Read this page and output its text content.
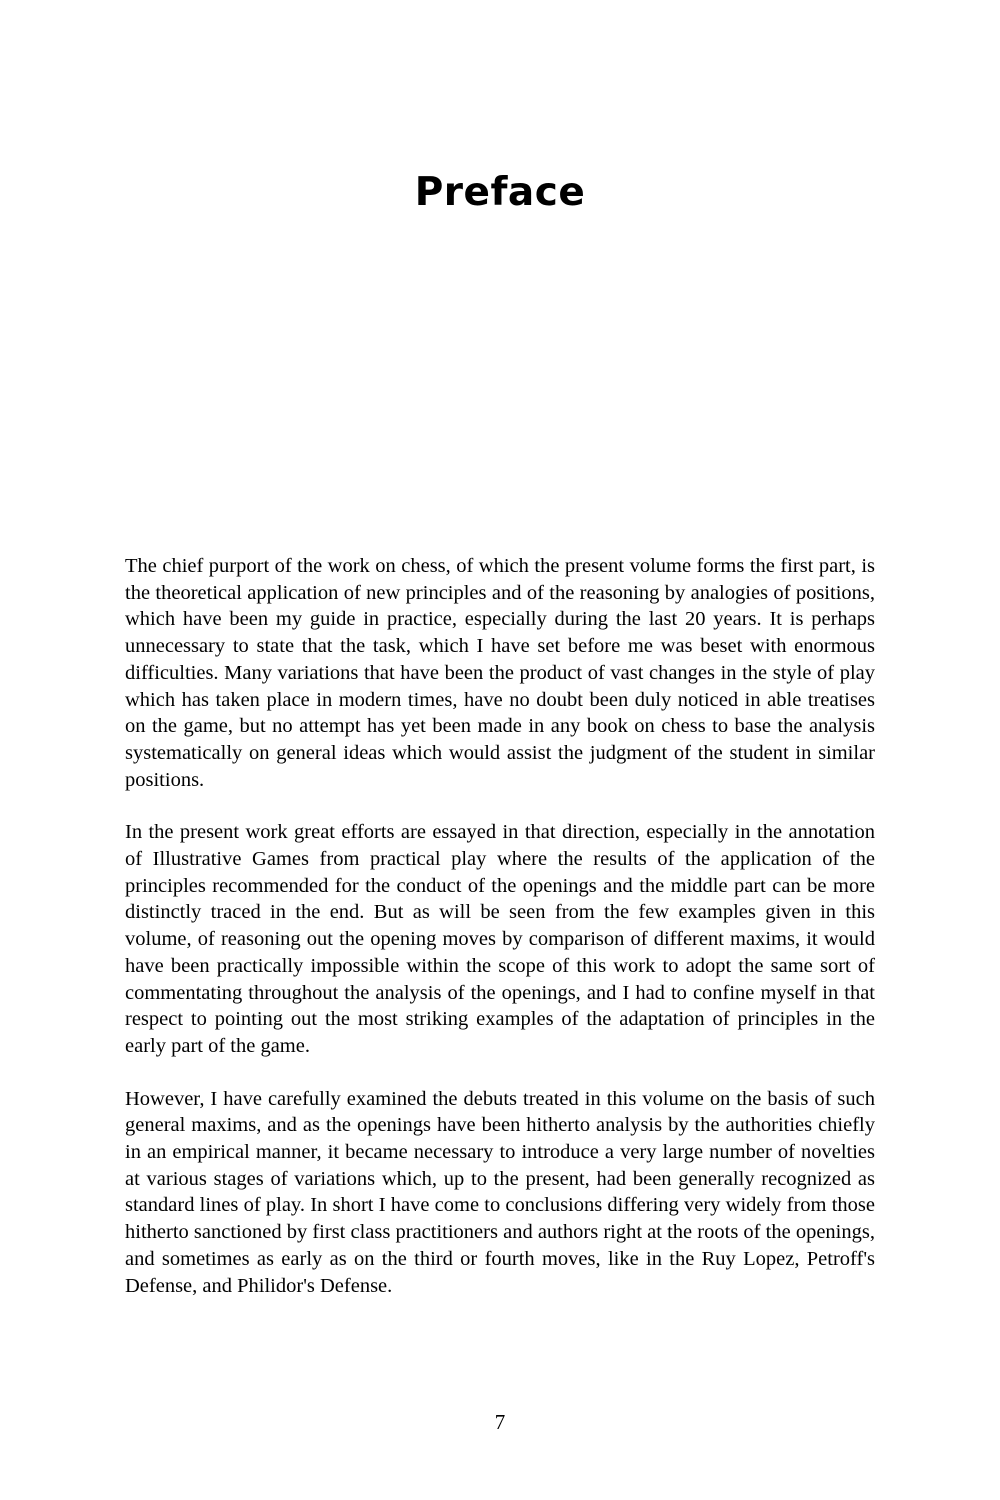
Preface

The chief purport of the work on chess, of which the present volume forms the first part, is the theoretical application of new principles and of the reasoning by analogies of positions, which have been my guide in practice, especially during the last 20 years. It is perhaps unnecessary to state that the task, which I have set before me was beset with enormous difficulties. Many variations that have been the product of vast changes in the style of play which has taken place in modern times, have no doubt been duly noticed in able treatises on the game, but no attempt has yet been made in any book on chess to base the analysis systematically on general ideas which would assist the judgment of the student in similar positions.

In the present work great efforts are essayed in that direction, especially in the annotation of Illustrative Games from practical play where the results of the application of the principles recommended for the conduct of the openings and the middle part can be more distinctly traced in the end. But as will be seen from the few examples given in this volume, of reasoning out the opening moves by comparison of different maxims, it would have been practically impossible within the scope of this work to adopt the same sort of commentating throughout the analysis of the openings, and I had to confine myself in that respect to pointing out the most striking examples of the adaptation of principles in the early part of the game.

However, I have carefully examined the debuts treated in this volume on the basis of such general maxims, and as the openings have been hitherto analysis by the authorities chiefly in an empirical manner, it became necessary to introduce a very large number of novelties at various stages of variations which, up to the present, had been generally recognized as standard lines of play. In short I have come to conclusions differing very widely from those hitherto sanctioned by first class practitioners and authors right at the roots of the openings, and sometimes as early as on the third or fourth moves, like in the Ruy Lopez, Petroff's Defense, and Philidor's Defense.

7
